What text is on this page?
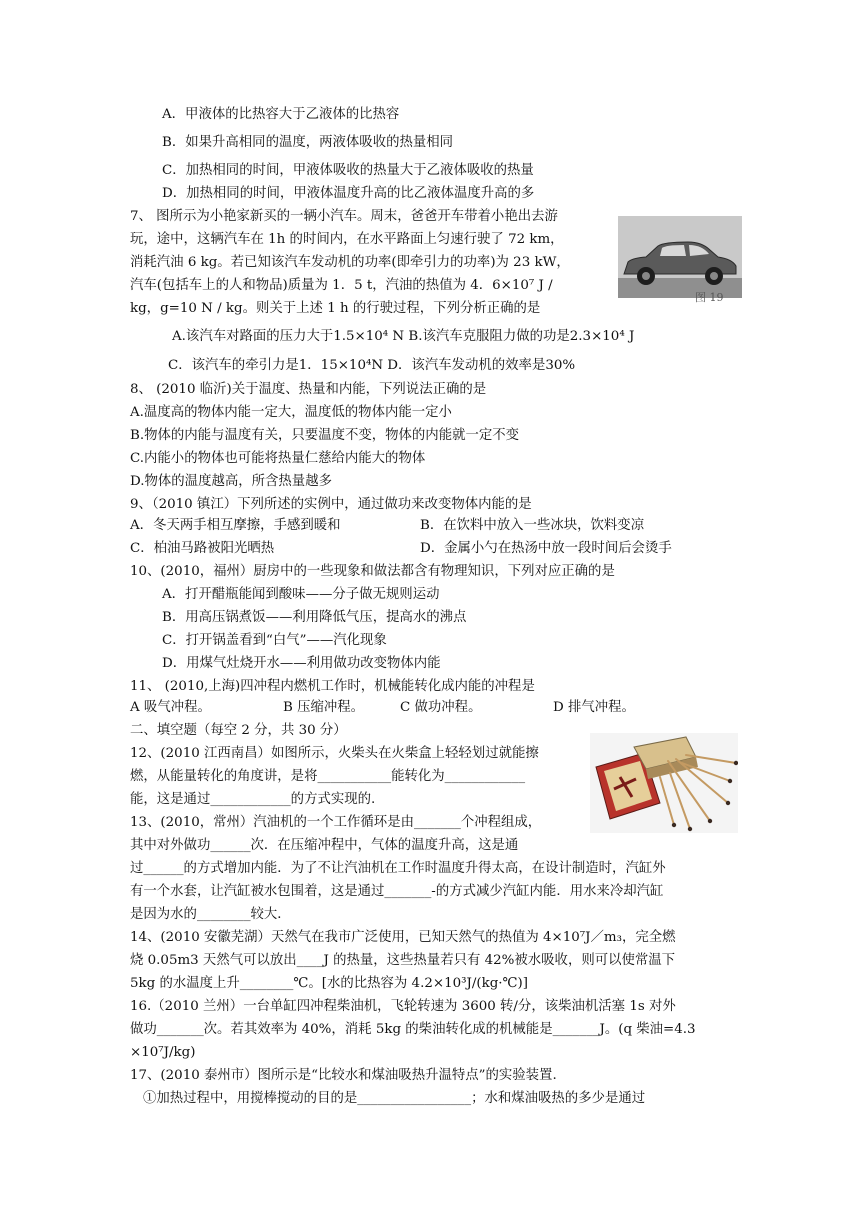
A．甲液体的比热容大于乙液体的比热容
B．如果升高相同的温度，两液体吸收的热量相同
C．加热相同的时间，甲液体吸收的热量大于乙液体吸收的热量
D．加热相同的时间，甲液体温度升高的比乙液体温度升高的多
7、 图所示为小艳家新买的一辆小汽车。周末，爸爸开车带着小艳出去游
玩，途中，这辆汽车在 1h 的时间内，在水平路面上匀速行驶了 72 km，
消耗汽油 6 kg。若已知该汽车发动机的功率(即牵引力的功率)为 23 kW，
汽车(包括车上的人和物品)质量为 1．5 t，汽油的热值为 4．6×10⁷ J /
kg，g=10 N / kg。则关于上述 1 h 的行驶过程，下列分析正确的是
图 19
A.该汽车对路面的压力大于1.5×10⁴ N B.该汽车克服阻力做的功是2.3×10⁴ J
C．该汽车的牵引力是1．15×10⁴N D．该汽车发动机的效率是30%
8、 (2010 临沂)关于温度、热量和内能，下列说法正确的是
A.温度高的物体内能一定大，温度低的物体内能一定小
B.物体的内能与温度有关，只要温度不变，物体的内能就一定不变
C.内能小的物体也可能将热量仁慈给内能大的物体
D.物体的温度越高，所含热量越多
9、（2010 镇江）下列所述的实例中，通过做功来改变物体内能的是
A．冬天两手相互摩擦，手感到暖和	B．在饮料中放入一些冰块，饮料变凉
C．柏油马路被阳光晒热	D．金属小勺在热汤中放一段时间后会烫手
10、(2010，福州）厨房中的一些现象和做法都含有物理知识，下列对应正确的是
A．打开醋瓶能闻到酸味——分子做无规则运动
B．用高压锅煮饭——利用降低气压，提高水的沸点
C．打开锅盖看到“白气”——汽化现象
D．用煤气灶烧开水——利用做功改变物体内能
11、 (2010,上海)四冲程内燃机工作时，机械能转化成内能的冲程是
A 吸气冲程。	B 压缩冲程。	C 做功冲程。	D 排气冲程。
二、填空题（每空 2 分，共 30 分）
12、(2010 江西南昌）如图所示，火柴头在火柴盒上轻轻划过就能擦
燃，从能量转化的角度讲，是将___________能转化为____________
能，这是通过____________的方式实现的.
13、(2010，常州）汽油机的一个工作循环是由_______个冲程组成，
其中对外做功______次．在压缩冲程中，气体的温度升高，这是通
过______的方式增加内能．为了不让汽油机在工作时温度升得太高，在设计制造时，汽缸外
有一个水套，让汽缸被水包围着，这是通过_______-的方式减少汽缸内能．用水来冷却汽缸
是因为水的________较大．
14、(2010 安徽芜湖）天然气在我市广泛使用，已知天然气的热值为 4×10⁷J／m₃，完全燃
烧 0.05m3 天然气可以放出____J 的热量，这些热量若只有 42%被水吸收，则可以使常温下
5kg 的水温度上升________℃。[水的比热容为 4.2×10³J/(kg·℃)]
16.（2010 兰州）一台单缸四冲程柴油机，飞轮转速为 3600 转/分，该柴油机活塞 1s 对外
做功_______次。若其效率为 40%，消耗 5kg 的柴油转化成的机械能是_______J。(q 柴油=4.3
×10⁷J/kg)
17、(2010 泰州市）图所示是“比较水和煤油吸热升温特点”的实验装置.
①加热过程中，用搅棒搅动的目的是_________________；水和煤油吸热的多少是通过
